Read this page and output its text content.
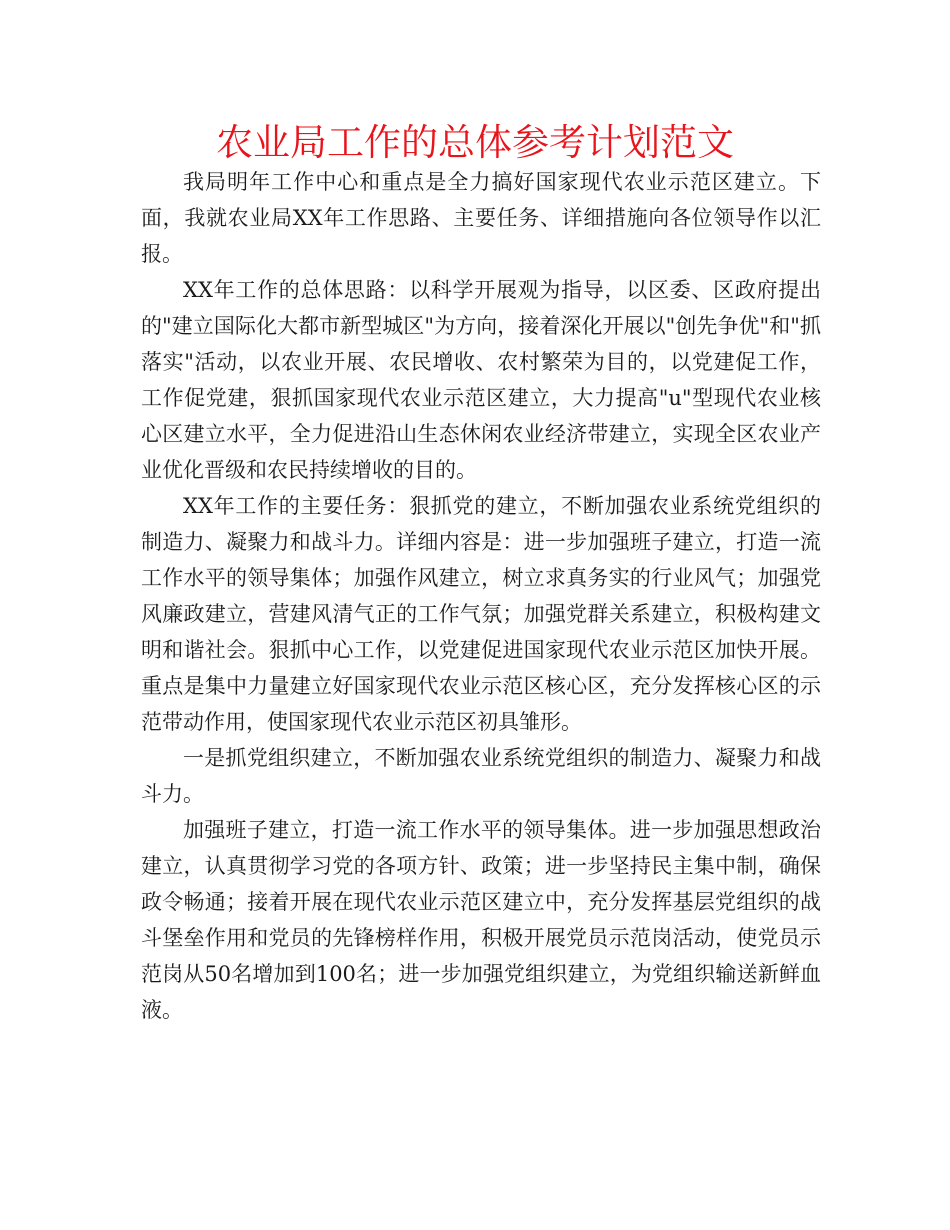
农业局工作的总体参考计划范文

我局明年工作中心和重点是全力搞好国家现代农业示范区建立。下面，我就农业局XX年工作思路、主要任务、详细措施向各位领导作以汇报。

XX年工作的总体思路：以科学开展观为指导，以区委、区政府提出的"建立国际化大都市新型城区"为方向，接着深化开展以"创先争优"和"抓落实"活动，以农业开展、农民增收、农村繁荣为目的，以党建促工作，工作促党建，狠抓国家现代农业示范区建立，大力提高"u"型现代农业核心区建立水平，全力促进沿山生态休闲农业经济带建立，实现全区农业产业优化晋级和农民持续增收的目的。

XX年工作的主要任务：狠抓党的建立，不断加强农业系统党组织的制造力、凝聚力和战斗力。详细内容是：进一步加强班子建立，打造一流工作水平的领导集体；加强作风建立，树立求真务实的行业风气；加强党风廉政建立，营建风清气正的工作气氛；加强党群关系建立，积极构建文明和谐社会。狠抓中心工作，以党建促进国家现代农业示范区加快开展。重点是集中力量建立好国家现代农业示范区核心区，充分发挥核心区的示范带动作用，使国家现代农业示范区初具雏形。

一是抓党组织建立，不断加强农业系统党组织的制造力、凝聚力和战斗力。

加强班子建立，打造一流工作水平的领导集体。进一步加强思想政治建立，认真贯彻学习党的各项方针、政策；进一步坚持民主集中制，确保政令畅通；接着开展在现代农业示范区建立中，充分发挥基层党组织的战斗堡垒作用和党员的先锋榜样作用，积极开展党员示范岗活动，使党员示范岗从50名增加到100名；进一步加强党组织建立，为党组织输送新鲜血液。
